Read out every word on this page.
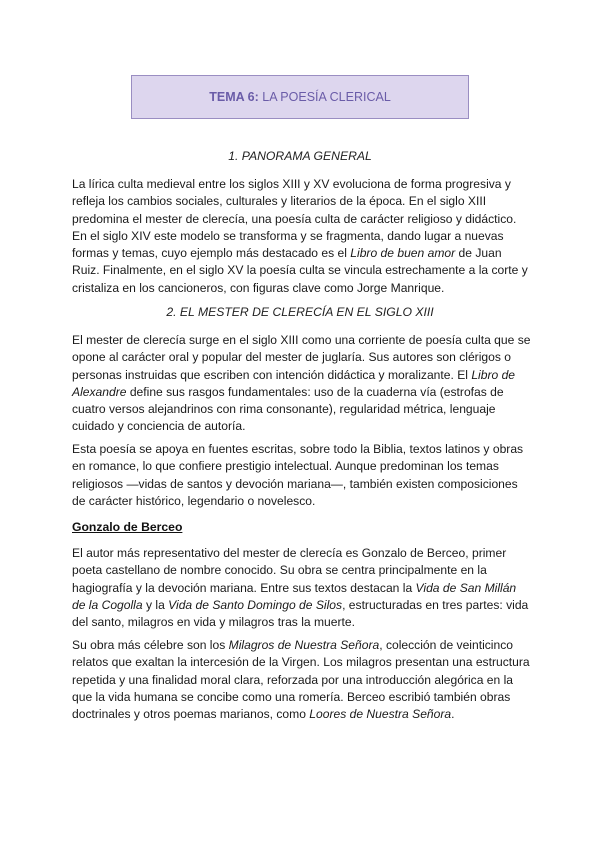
TEMA 6: LA POESÍA CLERICAL
1. PANORAMA GENERAL

La lírica culta medieval entre los siglos XIII y XV evoluciona de forma progresiva y refleja los cambios sociales, culturales y literarios de la época. En el siglo XIII predomina el mester de clerecía, una poesía culta de carácter religioso y didáctico. En el siglo XIV este modelo se transforma y se fragmenta, dando lugar a nuevas formas y temas, cuyo ejemplo más destacado es el Libro de buen amor de Juan Ruiz. Finalmente, en el siglo XV la poesía culta se vincula estrechamente a la corte y cristaliza en los cancioneros, con figuras clave como Jorge Manrique.

2. EL MESTER DE CLERECÍA EN EL SIGLO XIII

El mester de clerecía surge en el siglo XIII como una corriente de poesía culta que se opone al carácter oral y popular del mester de juglaría. Sus autores son clérigos o personas instruidas que escriben con intención didáctica y moralizante. El Libro de Alexandre define sus rasgos fundamentales: uso de la cuaderna vía (estrofas de cuatro versos alejandrinos con rima consonante), regularidad métrica, lenguaje cuidado y conciencia de autoría.

Esta poesía se apoya en fuentes escritas, sobre todo la Biblia, textos latinos y obras en romance, lo que confiere prestigio intelectual. Aunque predominan los temas religiosos —vidas de santos y devoción mariana—, también existen composiciones de carácter histórico, legendario o novelesco.

Gonzalo de Berceo

El autor más representativo del mester de clerecía es Gonzalo de Berceo, primer poeta castellano de nombre conocido. Su obra se centra principalmente en la hagiografía y la devoción mariana. Entre sus textos destacan la Vida de San Millán de la Cogolla y la Vida de Santo Domingo de Silos, estructuradas en tres partes: vida del santo, milagros en vida y milagros tras la muerte.

Su obra más célebre son los Milagros de Nuestra Señora, colección de veinticinco relatos que exaltan la intercesión de la Virgen. Los milagros presentan una estructura repetida y una finalidad moral clara, reforzada por una introducción alegórica en la que la vida humana se concibe como una romería. Berceo escribió también obras doctrinales y otros poemas marianos, como Loores de Nuestra Señora.
